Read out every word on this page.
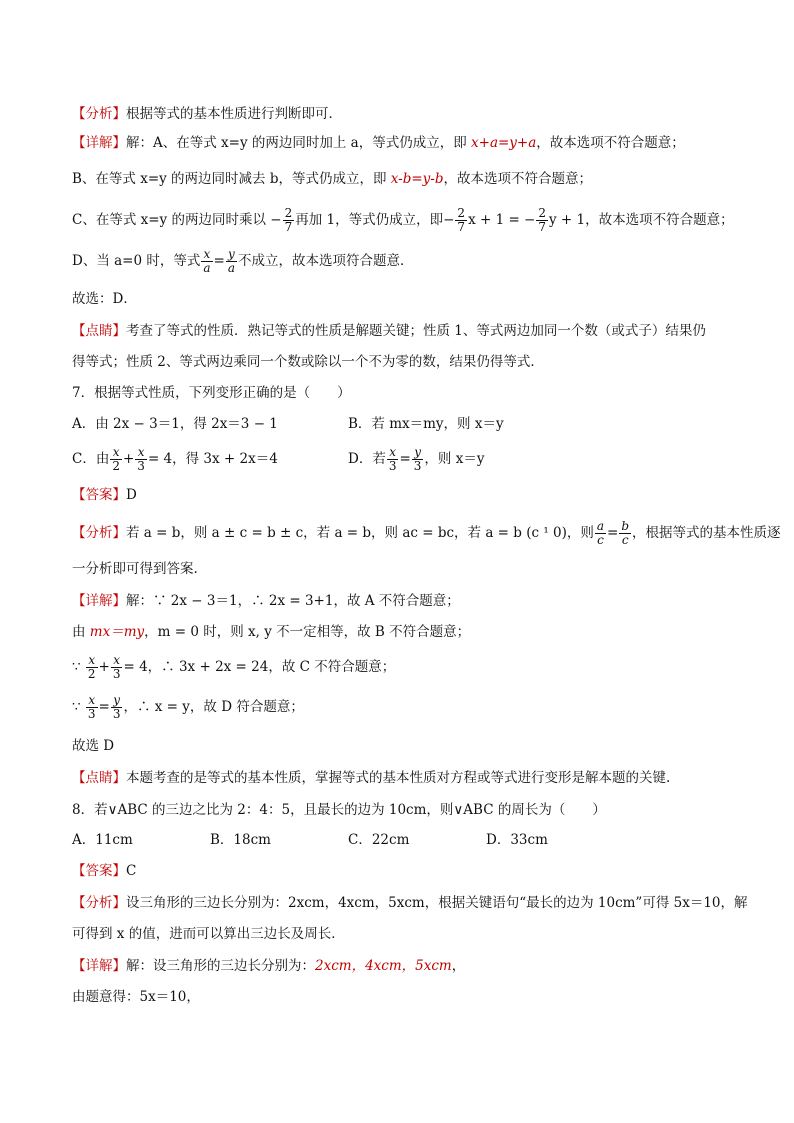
【分析】根据等式的基本性质进行判断即可．
【详解】解：A、在等式 x=y 的两边同时加上 a，等式仍成立，即 x+a=y+a，故本选项不符合题意；
B、在等式 x=y 的两边同时减去 b，等式仍成立，即 x-b=y-b，故本选项不符合题意；
C、在等式 x=y 的两边同时乘以 − $\frac{2}{7}$ 再加 1，等式仍成立，即− $\frac{2}{7}$ x + 1 = − $\frac{2}{7}$ y + 1，故本选项不符合题意；
D、当 a=0 时，等式 $\frac{x}{a} = \frac{y}{a}$ 不成立，故本选项符合题意．
故选：D．
【点睛】考查了等式的性质．熟记等式的性质是解题关键；性质 1、等式两边加同一个数（或式子）结果仍
得等式；性质 2、等式两边乘同一个数或除以一个不为零的数，结果仍得等式．
7．根据等式性质，下列变形正确的是（　　）
A．由 2x − 3＝1，得 2x＝3 − 1	B．若 mx＝my，则 x＝y
C．由 $\frac{x}{2} + \frac{x}{3} = 4$，得 3x + 2x＝4	D．若 $\frac{x}{3} = \frac{y}{3}$ ，则 x＝y
【答案】D
【分析】若 a = b，则 a ± c = b ± c，若 a = b，则 ac = bc，若 a = b (c ¹ 0)，则 $\frac{a}{c} = \frac{b}{c}$ ，根据等式的基本性质逐
一分析即可得到答案.
【详解】解：∵ 2x − 3＝1，∴ 2x = 3+1，故 A 不符合题意；
由 mx＝my，m = 0 时，则 x, y 不一定相等，故 B 不符合题意；
∵ $\frac{x}{2} + \frac{x}{3} = 4$，∴ 3x + 2x = 24，故 C 不符合题意；
∵ $\frac{x}{3} = \frac{y}{3}$ ，∴ x = y，故 D 符合题意；
故选 D
【点睛】本题考查的是等式的基本性质，掌握等式的基本性质对方程或等式进行变形是解本题的关键.
8．若∨ABC 的三边之比为 2：4：5，且最长的边为 10cm，则∨ABC 的周长为（　　）
A．11cm	B．18cm	C．22cm	D．33cm
【答案】C
【分析】设三角形的三边长分别为：2xcm，4xcm，5xcm，根据关键语句“最长的边为 10cm”可得 5x＝10，解
可得到 x 的值，进而可以算出三边长及周长．
【详解】解：设三角形的三边长分别为：2xcm，4xcm，5xcm，
由题意得：5x＝10，
